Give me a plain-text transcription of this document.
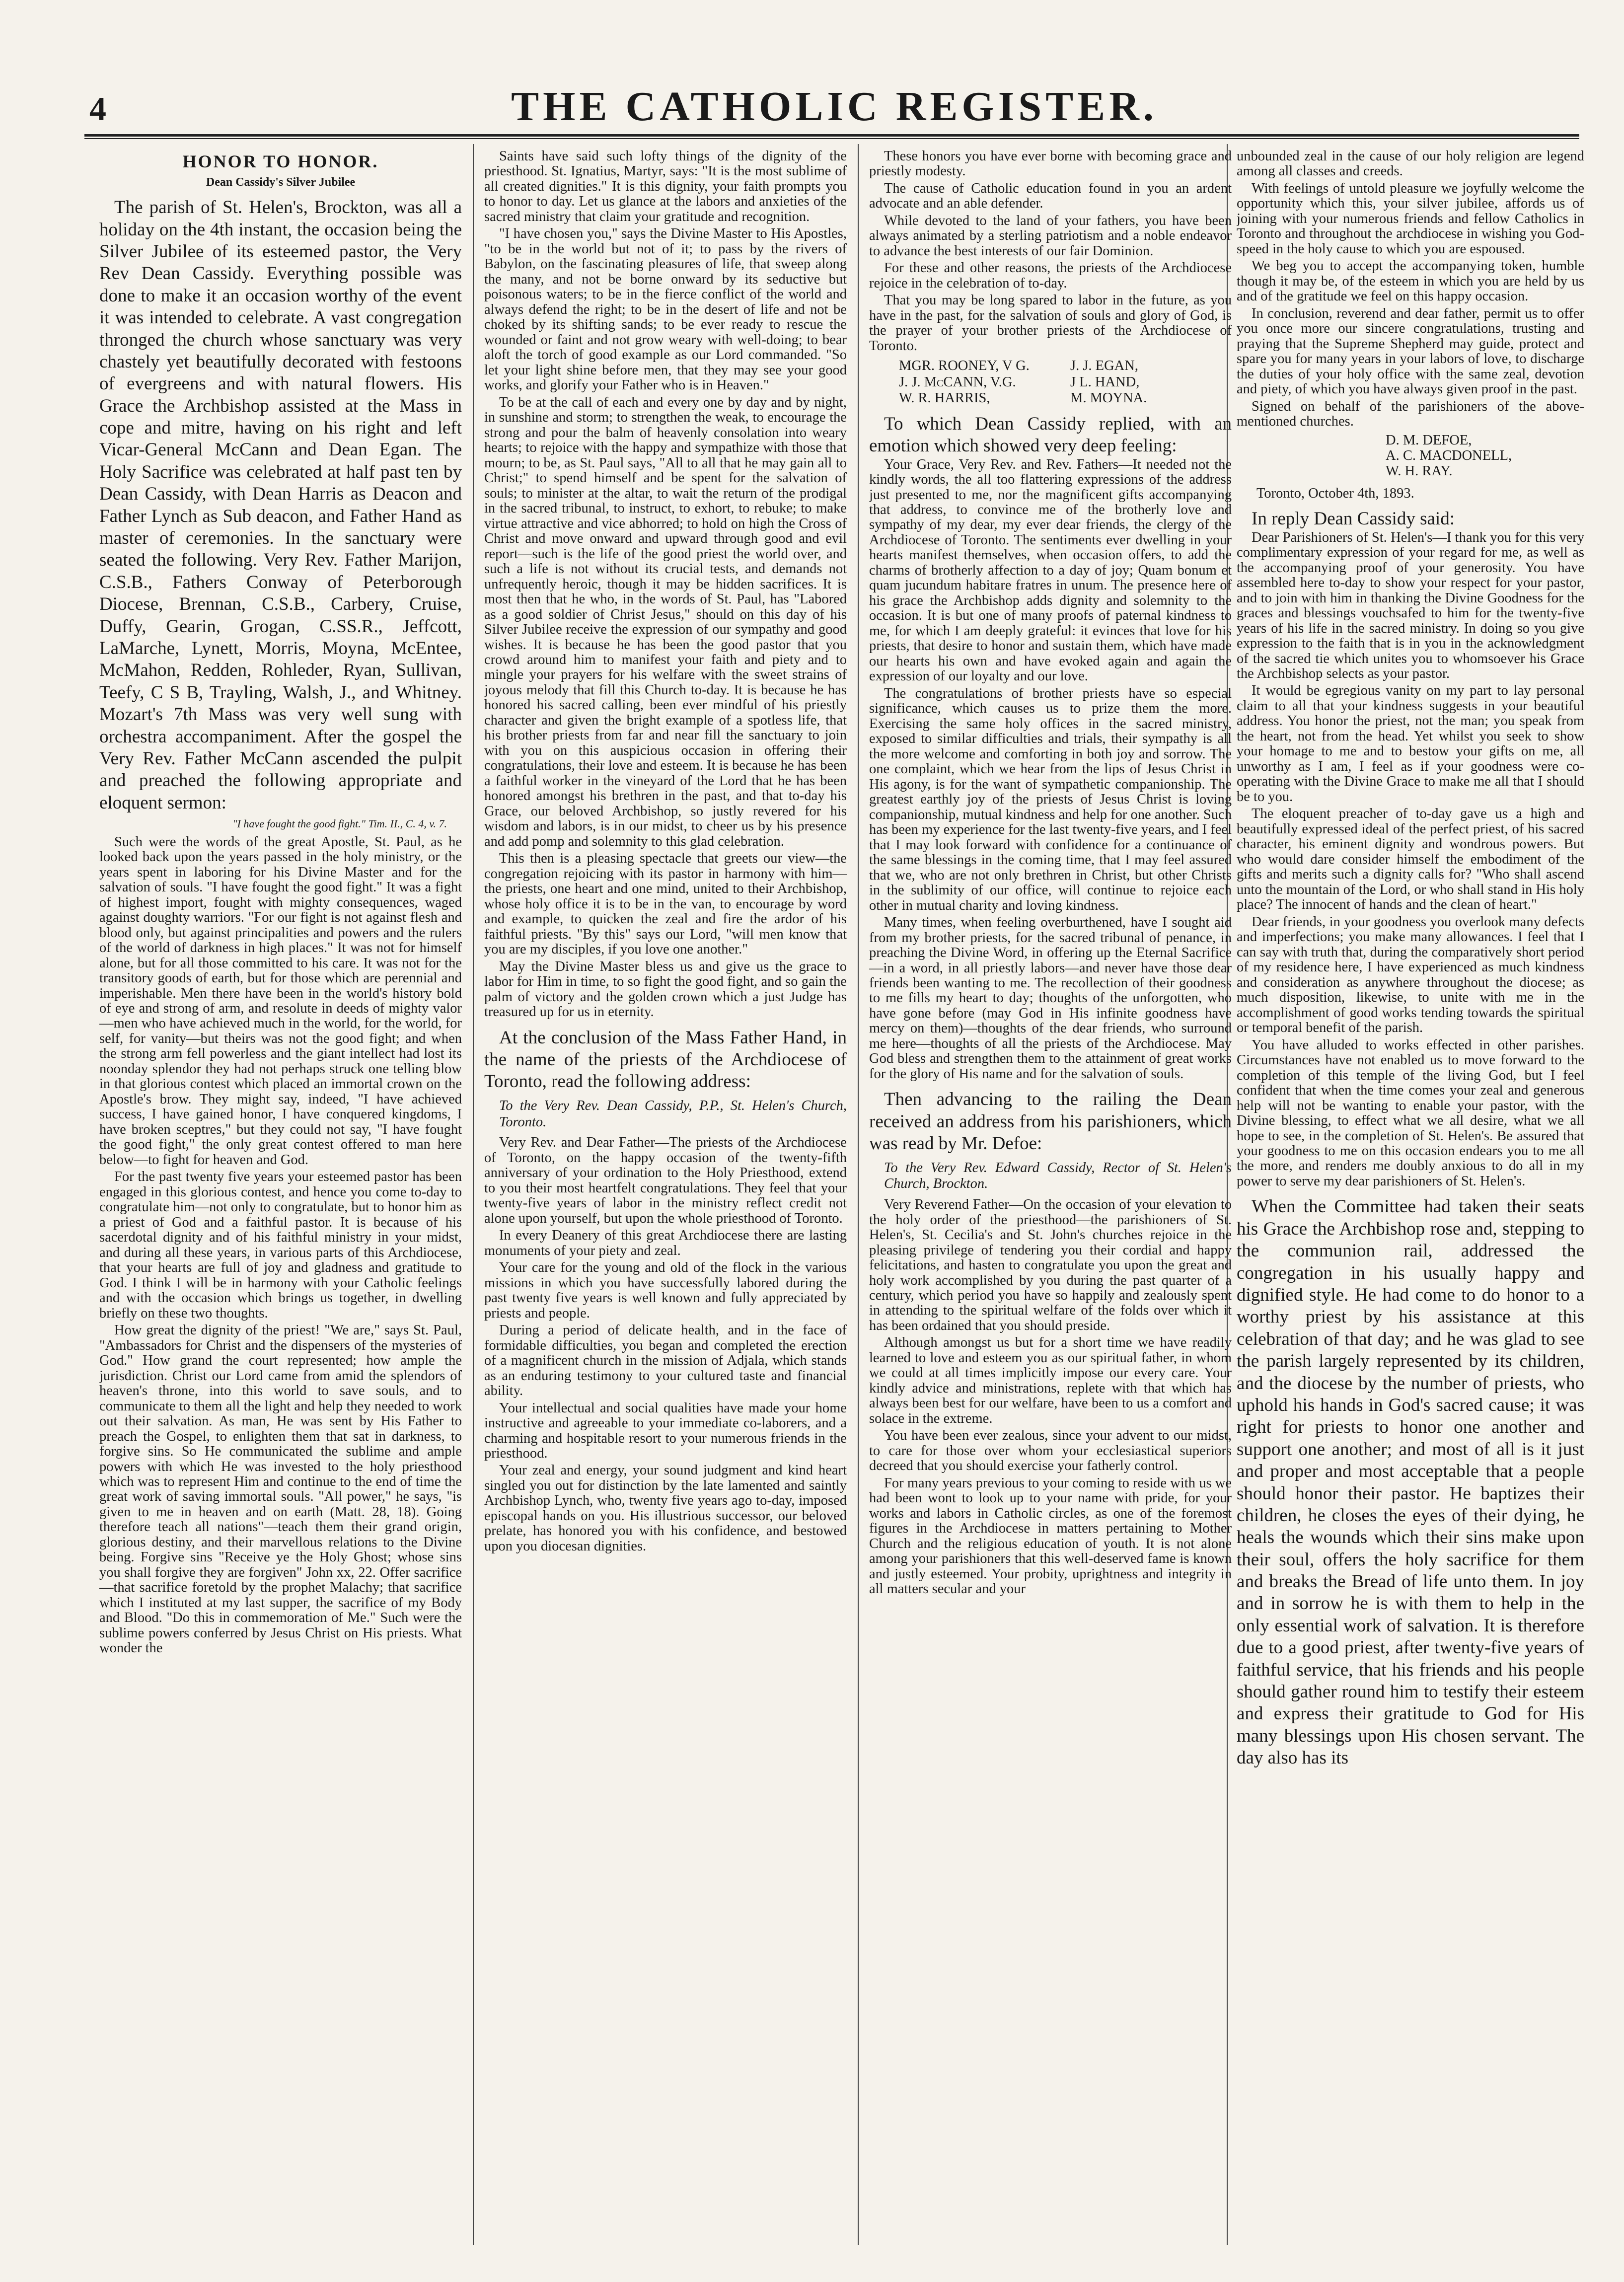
4	THE CATHOLIC REGISTER.
HONOR TO HONOR.
Dean Cassidy's Silver Jubilee
The parish of St. Helen's, Brockton, was all a holiday on the 4th instant, the occasion being the Silver Jubilee of its esteemed pastor, the Very Rev Dean Cassidy. Everything possible was done to make it an occasion worthy of the event it was intended to celebrate. A vast congregation thronged the church whose sanctuary was very chastely yet beautifully decorated with festoons of evergreens and with natural flowers. His Grace the Archbishop assisted at the Mass in cope and mitre, having on his right and left Vicar-General McCann and Dean Egan. The Holy Sacrifice was celebrated at half past ten by Dean Cassidy, with Dean Harris as Deacon and Father Lynch as Sub deacon, and Father Hand as master of ceremonies. In the sanctuary were seated the following. Very Rev. Father Marijon, C.S.B., Fathers Conway of Peterborough Diocese, Brennan, C.S.B., Carbery, Cruise, Duffy, Gearin, Grogan, C.SS.R., Jeffcott, LaMarche, Lynett, Morris, Moyna, McEntee, McMahon, Redden, Rohleder, Ryan, Sullivan, Teefy, C S B, Trayling, Walsh, J., and Whitney. Mozart's 7th Mass was very well sung with orchestra accompaniment. After the gospel the Very Rev. Father McCann ascended the pulpit and preached the following appropriate and eloquent sermon:
"I have fought the good fight." Tim. II., C. 4, v. 7.

Such were the words of the great Apostle, St. Paul, as he looked back upon the years passed in the holy ministry, or the years spent in laboring for his Divine Master and for the salvation of souls. "I have fought the good fight." It was a fight of highest import, fought with mighty consequences, waged against doughty warriors. "For our fight is not against flesh and blood only, but against principalities and powers and the rulers of the world of darkness in high places." It was not for himself alone, but for all those committed to his care. It was not for the transitory goods of earth, but for those which are perennial and imperishable. Men there have been in the world's history bold of eye and strong of arm, and resolute in deeds of mighty valor—men who have achieved much in the world, for the world, for self, for vanity—but theirs was not the good fight; and when the strong arm fell powerless and the giant intellect had lost its noonday splendor they had not perhaps struck one telling blow in that glorious contest which placed an immortal crown on the Apostle's brow. They might say, indeed, "I have achieved success, I have gained honor, I have conquered kingdoms, I have broken sceptres," but they could not say, "I have fought the good fight," the only great contest offered to man here below—to fight for heaven and God.

For the past twenty five years your esteemed pastor has been engaged in this glorious contest, and hence you come to-day to congratulate him—not only to congratulate, but to honor him as a priest of God and a faithful pastor. It is because of his sacerdotal dignity and of his faithful ministry in your midst, and during all these years, in various parts of this Archdiocese, that your hearts are full of joy and gladness and gratitude to God. I think I will be in harmony with your Catholic feelings and with the occasion which brings us together, in dwelling briefly on these two thoughts.

How great the dignity of the priest! "We are," says St. Paul, "Ambassadors for Christ and the dispensers of the mysteries of God." How grand the court represented; how ample the jurisdiction. Christ our Lord came from amid the splendors of heaven's throne, into this world to save souls, and to communicate to them all the light and help they needed to work out their salvation. As man, He was sent by His Father to preach the Gospel, to enlighten them that sat in darkness, to forgive sins. So He communicated the sublime and ample powers with which He was invested to the holy priesthood which was to represent Him and continue to the end of time the great work of saving immortal souls. "All power," he says, "is given to me in heaven and on earth (Matt. 28, 18). Going therefore teach all nations"—teach them their grand origin, glorious destiny, and their marvellous relations to the Divine being. Forgive sins "Receive ye the Holy Ghost; whose sins you shall forgive they are forgiven" John xx, 22. Offer sacrifice—that sacrifice foretold by the prophet Malachy; that sacrifice which I instituted at my last supper, the sacrifice of my Body and Blood. "Do this in commemoration of Me." Such were the sublime powers conferred by Jesus Christ on His priests. What wonder the

Saints have said such lofty things of the dignity of the priesthood. St. Ignatius, Martyr, says: "It is the most sublime of all created dignities." It is this dignity, your faith prompts you to honor to day. Let us glance at the labors and anxieties of the sacred ministry that claim your gratitude and recognition.

"I have chosen you," says the Divine Master to His Apostles, "to be in the world but not of it; to pass by the rivers of Babylon, on the fascinating pleasures of life, that sweep along the many, and not be borne onward by its seductive but poisonous waters; to be in the fierce conflict of the world and always defend the right; to be in the desert of life and not be choked by its shifting sands; to be ever ready to rescue the wounded or faint and not grow weary with well-doing; to bear aloft the torch of good example as our Lord commanded. "So let your light shine before men, that they may see your good works, and glorify your Father who is in Heaven."

To be at the call of each and every one by day and by night, in sunshine and storm; to strengthen the weak, to encourage the strong and pour the balm of heavenly consolation into weary hearts; to rejoice with the happy and sympathize with those that mourn; to be, as St. Paul says, "All to all that he may gain all to Christ;" to spend himself and be spent for the salvation of souls; to minister at the altar, to wait the return of the prodigal in the sacred tribunal, to instruct, to exhort, to rebuke; to make virtue attractive and vice abhorred; to hold on high the Cross of Christ and move onward and upward through good and evil report—such is the life of the good priest the world over, and such a life is not without its crucial tests, and demands not unfrequently heroic, though it may be hidden sacrifices. It is most then that he who, in the words of St. Paul, has "Labored as a good soldier of Christ Jesus," should on this day of his Silver Jubilee receive the expression of our sympathy and good wishes. It is because he has been the good pastor that you crowd around him to manifest your faith and piety and to mingle your prayers for his welfare with the sweet strains of joyous melody that fill this Church to-day. It is because he has honored his sacred calling, been ever mindful of his priestly character and given the bright example of a spotless life, that his brother priests from far and near fill the sanctuary to join with you on this auspicious occasion in offering their congratulations, their love and esteem. It is because he has been a faithful worker in the vineyard of the Lord that he has been honored amongst his brethren in the past, and that to-day his Grace, our beloved Archbishop, so justly revered for his wisdom and labors, is in our midst, to cheer us by his presence and add pomp and solemnity to this glad celebration.

This then is a pleasing spectacle that greets our view—the congregation rejoicing with its pastor in harmony with him—the priests, one heart and one mind, united to their Archbishop, whose holy office it is to be in the van, to encourage by word and example, to quicken the zeal and fire the ardor of his faithful priests. "By this" says our Lord, "will men know that you are my disciples, if you love one another."

May the Divine Master bless us and give us the grace to labor for Him in time, to so fight the good fight, and so gain the palm of victory and the golden crown which a just Judge has treasured up for us in eternity.

At the conclusion of the Mass Father Hand, in the name of the priests of the Archdiocese of Toronto, read the following address:
To the Very Rev. Dean Cassidy, P.P., St. Helen's Church, Toronto.

Very Rev. and Dear Father—The priests of the Archdiocese of Toronto, on the happy occasion of the twenty-fifth anniversary of your ordination to the Holy Priesthood, extend to you their most heartfelt congratulations. They feel that your twenty-five years of labor in the ministry reflect credit not alone upon yourself, but upon the whole priesthood of Toronto.

In every Deanery of this great Archdiocese there are lasting monuments of your piety and zeal.

Your care for the young and old of the flock in the various missions in which you have successfully labored during the past twenty five years is well known and fully appreciated by priests and people.

During a period of delicate health, and in the face of formidable difficulties, you began and completed the erection of a magnificent church in the mission of Adjala, which stands as an enduring testimony to your cultured taste and financial ability.

Your intellectual and social qualities have made your home instructive and agreeable to your immediate co-laborers, and a charming and hospitable resort to your numerous friends in the priesthood.

Your zeal and energy, your sound judgment and kind heart singled you out for distinction by the late lamented and saintly Archbishop Lynch, who, twenty five years ago to-day, imposed episcopal hands on you. His illustrious successor, our beloved prelate, has honored you with his confidence, and bestowed upon you diocesan dignities.

These honors you have ever borne with becoming grace and priestly modesty.

The cause of Catholic education found in you an ardent advocate and an able defender.

While devoted to the land of your fathers, you have been always animated by a sterling patriotism and a noble endeavor to advance the best interests of our fair Dominion.

For these and other reasons, the priests of the Archdiocese rejoice in the celebration of to-day.

That you may be long spared to labor in the future, as you have in the past, for the salvation of souls and glory of God, is the prayer of your brother priests of the Archdiocese of Toronto.

MGR. ROONEY, V G.	J. J. EGAN,
J. J. McCANN, V.G.	J L. HAND,
W. R. HARRIS,	M. MOYNA.
To which Dean Cassidy replied, with an emotion which showed very deep feeling:

Your Grace, Very Rev. and Rev. Fathers—It needed not the kindly words, the all too flattering expressions of the address just presented to me, nor the magnificent gifts accompanying that address, to convince me of the brotherly love and sympathy of my dear, my ever dear friends, the clergy of the Archdiocese of Toronto. The sentiments ever dwelling in your hearts manifest themselves, when occasion offers, to add the charms of brotherly affection to a day of joy; Quam bonum et quam jucundum habitare fratres in unum. The presence here of his grace the Archbishop adds dignity and solemnity to the occasion. It is but one of many proofs of paternal kindness to me, for which I am deeply grateful: it evinces that love for his priests, that desire to honor and sustain them, which have made our hearts his own and have evoked again and again the expression of our loyalty and our love.

The congratulations of brother priests have so especial significance, which causes us to prize them the more. Exercising the same holy offices in the sacred ministry, exposed to similar difficulties and trials, their sympathy is all the more welcome and comforting in both joy and sorrow. The one complaint, which we hear from the lips of Jesus Christ in His agony, is for the want of sympathetic companionship. The greatest earthly joy of the priests of Jesus Christ is loving companionship, mutual kindness and help for one another. Such has been my experience for the last twenty-five years, and I feel that I may look forward with confidence for a continuance of the same blessings in the coming time, that I may feel assured that we, who are not only brethren in Christ, but other Christs in the sublimity of our office, will continue to rejoice each other in mutual charity and loving kindness.

Many times, when feeling overburthened, have I sought aid from my brother priests, for the sacred tribunal of penance, in preaching the Divine Word, in offering up the Eternal Sacrifice—in a word, in all priestly labors—and never have those dear friends been wanting to me. The recollection of their goodness to me fills my heart to day; thoughts of the unforgotten, who have gone before (may God in His infinite goodness have mercy on them)—thoughts of the dear friends, who surround me here—thoughts of all the priests of the Archdiocese. May God bless and strengthen them to the attainment of great works for the glory of His name and for the salvation of souls.

Then advancing to the railing the Dean received an address from his parishioners, which was read by Mr. Defoe:
To the Very Rev. Edward Cassidy, Rector of St. Helen's Church, Brockton.

Very Reverend Father—On the occasion of your elevation to the holy order of the priesthood—the parishioners of St. Helen's, St. Cecilia's and St. John's churches rejoice in the pleasing privilege of tendering you their cordial and happy felicitations, and hasten to congratulate you upon the great and holy work accomplished by you during the past quarter of a century, which period you have so happily and zealously spent in attending to the spiritual welfare of the folds over which it has been ordained that you should preside.

Although amongst us but for a short time we have readily learned to love and esteem you as our spiritual father, in whom we could at all times implicitly impose our every care. Your kindly advice and ministrations, replete with that which has always been best for our welfare, have been to us a comfort and solace in the extreme.

You have been ever zealous, since your advent to our midst, to care for those over whom your ecclesiastical superiors decreed that you should exercise your fatherly control.

For many years previous to your coming to reside with us we had been wont to look up to your name with pride, for your works and labors in Catholic circles, as one of the foremost figures in the Archdiocese in matters pertaining to Mother Church and the religious education of youth. It is not alone among your parishioners that this well-deserved fame is known and justly esteemed. Your probity, uprightness and integrity in all matters secular and your

unbounded zeal in the cause of our holy religion are legend among all classes and creeds.

With feelings of untold pleasure we joyfully welcome the opportunity which this, your silver jubilee, affords us of joining with your numerous friends and fellow Catholics in Toronto and throughout the archdiocese in wishing you God-speed in the holy cause to which you are espoused.

We beg you to accept the accompanying token, humble though it may be, of the esteem in which you are held by us and of the gratitude we feel on this happy occasion.

In conclusion, reverend and dear father, permit us to offer you once more our sincere congratulations, trusting and praying that the Supreme Shepherd may guide, protect and spare you for many years in your labors of love, to discharge the duties of your holy office with the same zeal, devotion and piety, of which you have always given proof in the past.

Signed on behalf of the parishioners of the above-mentioned churches.

D. M. DEFOE,
A. C. MACDONELL,
W. H. RAY.
Toronto, October 4th, 1893.
In reply Dean Cassidy said:

Dear Parishioners of St. Helen's—I thank you for this very complimentary expression of your regard for me, as well as the accompanying proof of your generosity. You have assembled here to-day to show your respect for your pastor, and to join with him in thanking the Divine Goodness for the graces and blessings vouchsafed to him for the twenty-five years of his life in the sacred ministry. In doing so you give expression to the faith that is in you in the acknowledgment of the sacred tie which unites you to whomsoever his Grace the Archbishop selects as your pastor.

It would be egregious vanity on my part to lay personal claim to all that your kindness suggests in your beautiful address. You honor the priest, not the man; you speak from the heart, not from the head. Yet whilst you seek to show your homage to me and to bestow your gifts on me, all unworthy as I am, I feel as if your goodness were co-operating with the Divine Grace to make me all that I should be to you.

The eloquent preacher of to-day gave us a high and beautifully expressed ideal of the perfect priest, of his sacred character, his eminent dignity and wondrous powers. But who would dare consider himself the embodiment of the gifts and merits such a dignity calls for? "Who shall ascend unto the mountain of the Lord, or who shall stand in His holy place? The innocent of hands and the clean of heart."

Dear friends, in your goodness you overlook many defects and imperfections; you make many allowances. I feel that I can say with truth that, during the comparatively short period of my residence here, I have experienced as much kindness and consideration as anywhere throughout the diocese; as much disposition, likewise, to unite with me in the accomplishment of good works tending towards the spiritual or temporal benefit of the parish.

You have alluded to works effected in other parishes. Circumstances have not enabled us to move forward to the completion of this temple of the living God, but I feel confident that when the time comes your zeal and generous help will not be wanting to enable your pastor, with the Divine blessing, to effect what we all desire, what we all hope to see, in the completion of St. Helen's. Be assured that your goodness to me on this occasion endears you to me all the more, and renders me doubly anxious to do all in my power to serve my dear parishioners of St. Helen's.

When the Committee had taken their seats his Grace the Archbishop rose and, stepping to the communion rail, addressed the congregation in his usually happy and dignified style. He had come to do honor to a worthy priest by his assistance at this celebration of that day; and he was glad to see the parish largely represented by its children, and the diocese by the number of priests, who uphold his hands in God's sacred cause; it was right for priests to honor one another and support one another; and most of all is it just and proper and most acceptable that a people should honor their pastor. He baptizes their children, he closes the eyes of their dying, he heals the wounds which their sins make upon their soul, offers the holy sacrifice for them and breaks the Bread of life unto them. In joy and in sorrow he is with them to help in the only essential work of salvation. It is therefore due to a good priest, after twenty-five years of faithful service, that his friends and his people should gather round him to testify their esteem and express their gratitude to God for His many blessings upon His chosen servant. The day also has its
